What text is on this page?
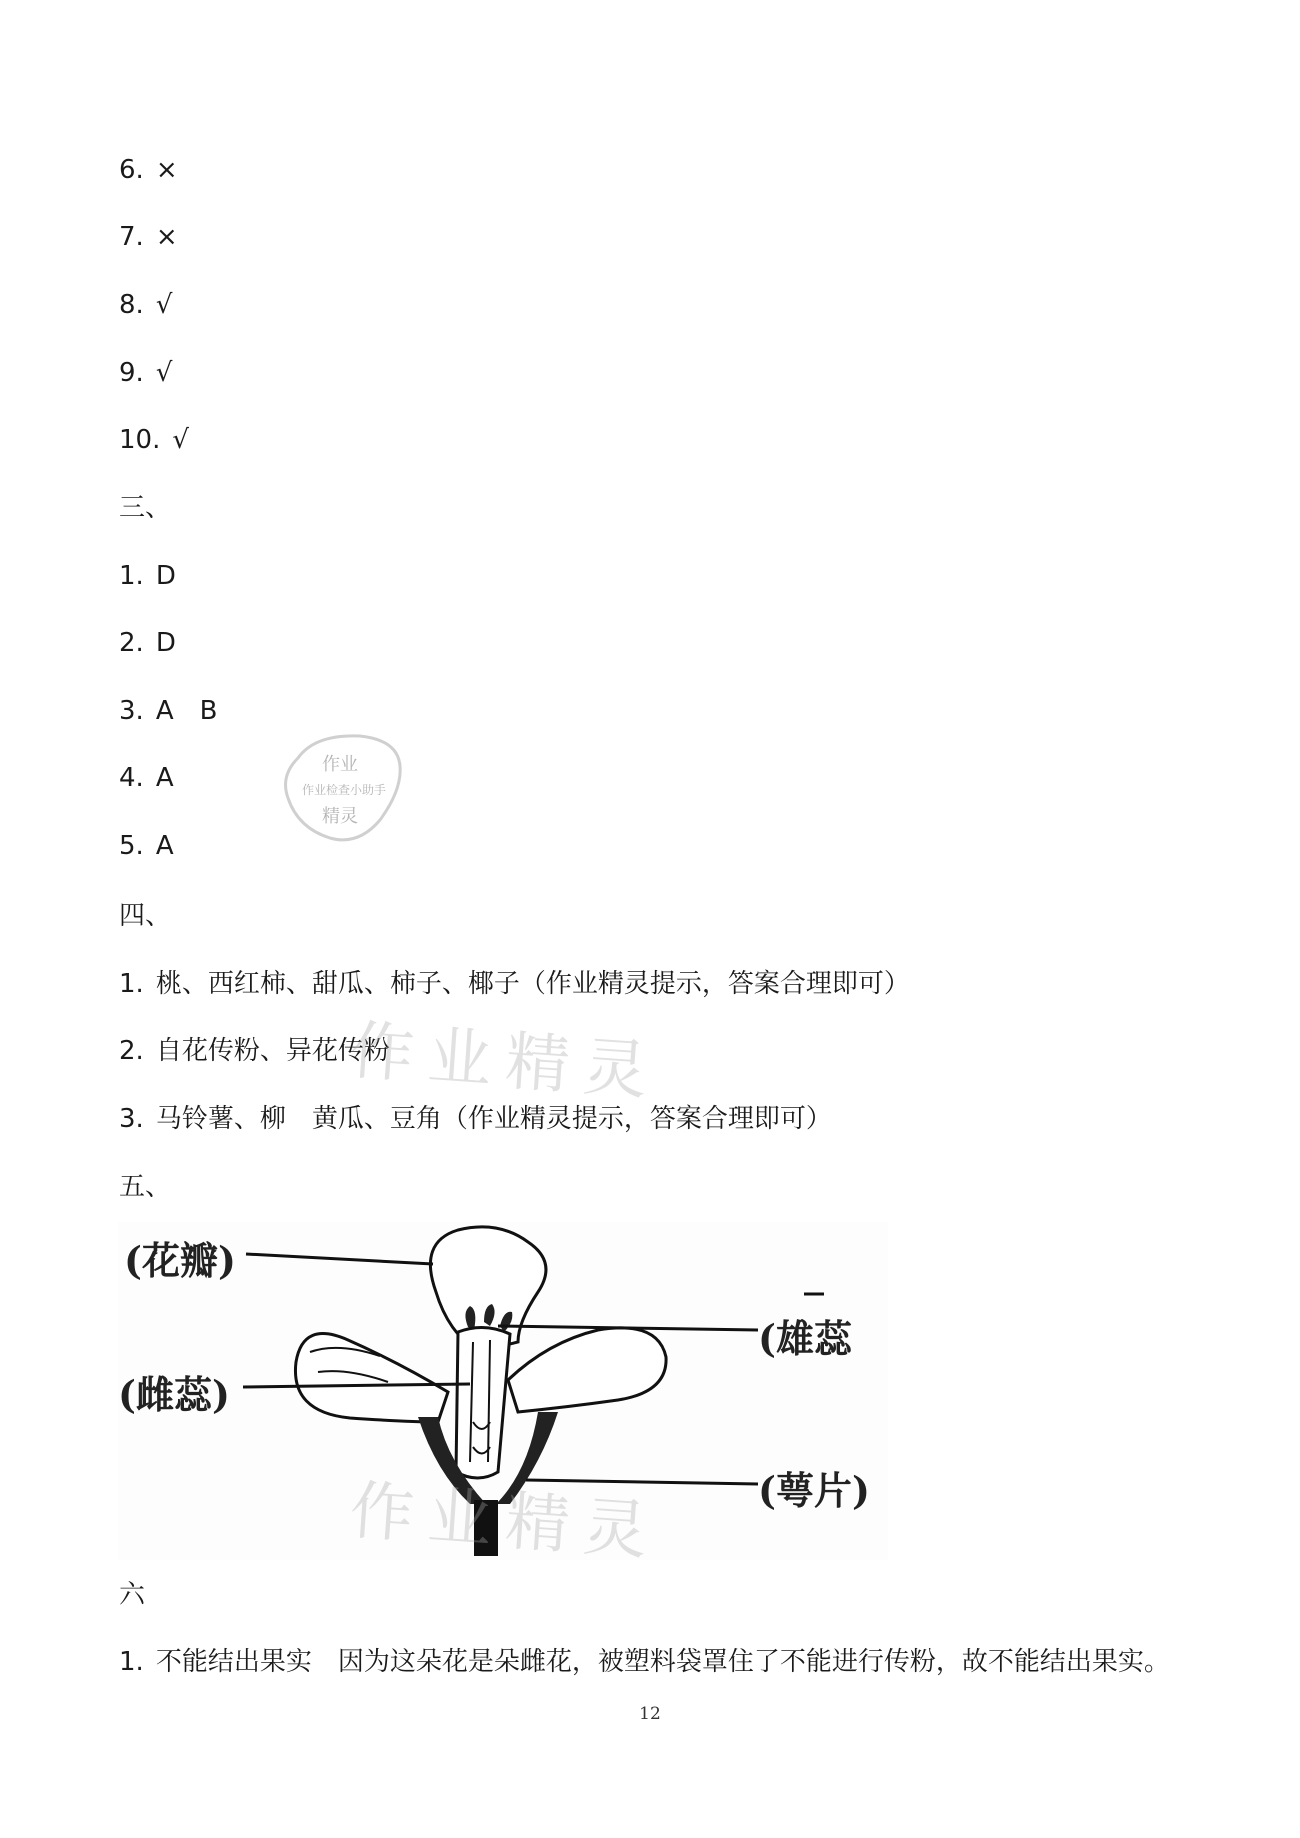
6. ×
7. ×
8. √
9. √
10. √
三、
1. D
2. D
3. A　B
4. A
5. A
作业
作业检查小助手
精灵
四、
1. 桃、西红柿、甜瓜、柿子、椰子（作业精灵提示，答案合理即可）
2. 自花传粉、异花传粉
3. 马铃薯、柳　黄瓜、豆角（作业精灵提示，答案合理即可）
作业精灵
五、
(花瓣)
(雌蕊)
(雄蕊
(萼片)
作业精灵
六
1. 不能结出果实　因为这朵花是朵雌花，被塑料袋罩住了不能进行传粉，故不能结出果实。
12
